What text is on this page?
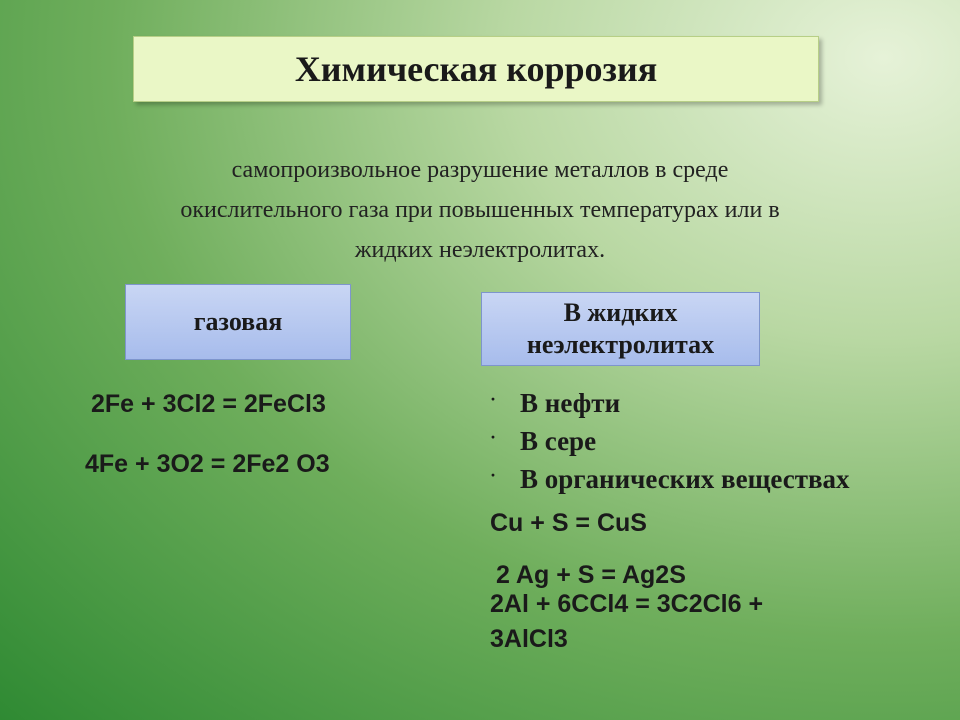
Химическая коррозия

самопроизвольное разрушение металлов в среде
окислительного газа при повышенных температурах или в
жидких неэлектролитах.

газовая	В жидких
неэлектролитах

2Fe + 3Cl2 = 2FeCl3

4Fe + 3O2 = 2Fe2 O3

· В нефти
· В сере
· В органических веществах

Cu + S = CuS

2 Ag + S = Ag2S

2Al + 6CCl4 = 3C2Cl6 +

3AlCl3
